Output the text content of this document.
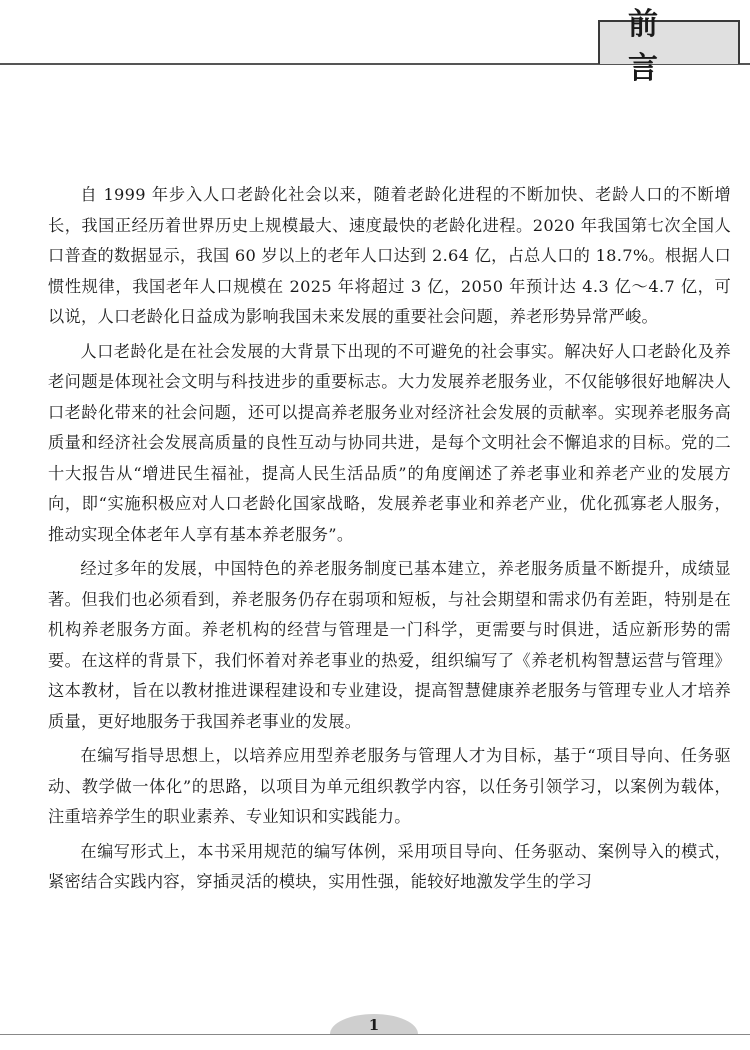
前 言

自 1999 年步入人口老龄化社会以来，随着老龄化进程的不断加快、老龄人口的不断增长，我国正经历着世界历史上规模最大、速度最快的老龄化进程。2020 年我国第七次全国人口普查的数据显示，我国 60 岁以上的老年人口达到 2.64 亿，占总人口的 18.7%。根据人口惯性规律，我国老年人口规模在 2025 年将超过 3 亿，2050 年预计达 4.3 亿～4.7 亿，可以说，人口老龄化日益成为影响我国未来发展的重要社会问题，养老形势异常严峻。

人口老龄化是在社会发展的大背景下出现的不可避免的社会事实。解决好人口老龄化及养老问题是体现社会文明与科技进步的重要标志。大力发展养老服务业，不仅能够很好地解决人口老龄化带来的社会问题，还可以提高养老服务业对经济社会发展的贡献率。实现养老服务高质量和经济社会发展高质量的良性互动与协同共进，是每个文明社会不懈追求的目标。党的二十大报告从“增进民生福祉，提高人民生活品质”的角度阐述了养老事业和养老产业的发展方向，即“实施积极应对人口老龄化国家战略，发展养老事业和养老产业，优化孤寡老人服务，推动实现全体老年人享有基本养老服务”。

经过多年的发展，中国特色的养老服务制度已基本建立，养老服务质量不断提升，成绩显著。但我们也必须看到，养老服务仍存在弱项和短板，与社会期望和需求仍有差距，特别是在机构养老服务方面。养老机构的经营与管理是一门科学，更需要与时俱进，适应新形势的需要。在这样的背景下，我们怀着对养老事业的热爱，组织编写了《养老机构智慧运营与管理》这本教材，旨在以教材推进课程建设和专业建设，提高智慧健康养老服务与管理专业人才培养质量，更好地服务于我国养老事业的发展。

在编写指导思想上，以培养应用型养老服务与管理人才为目标，基于“项目导向、任务驱动、教学做一体化”的思路，以项目为单元组织教学内容，以任务引领学习，以案例为载体，注重培养学生的职业素养、专业知识和实践能力。

在编写形式上，本书采用规范的编写体例，采用项目导向、任务驱动、案例导入的模式，紧密结合实践内容，穿插灵活的模块，实用性强，能较好地激发学生的学习

1
